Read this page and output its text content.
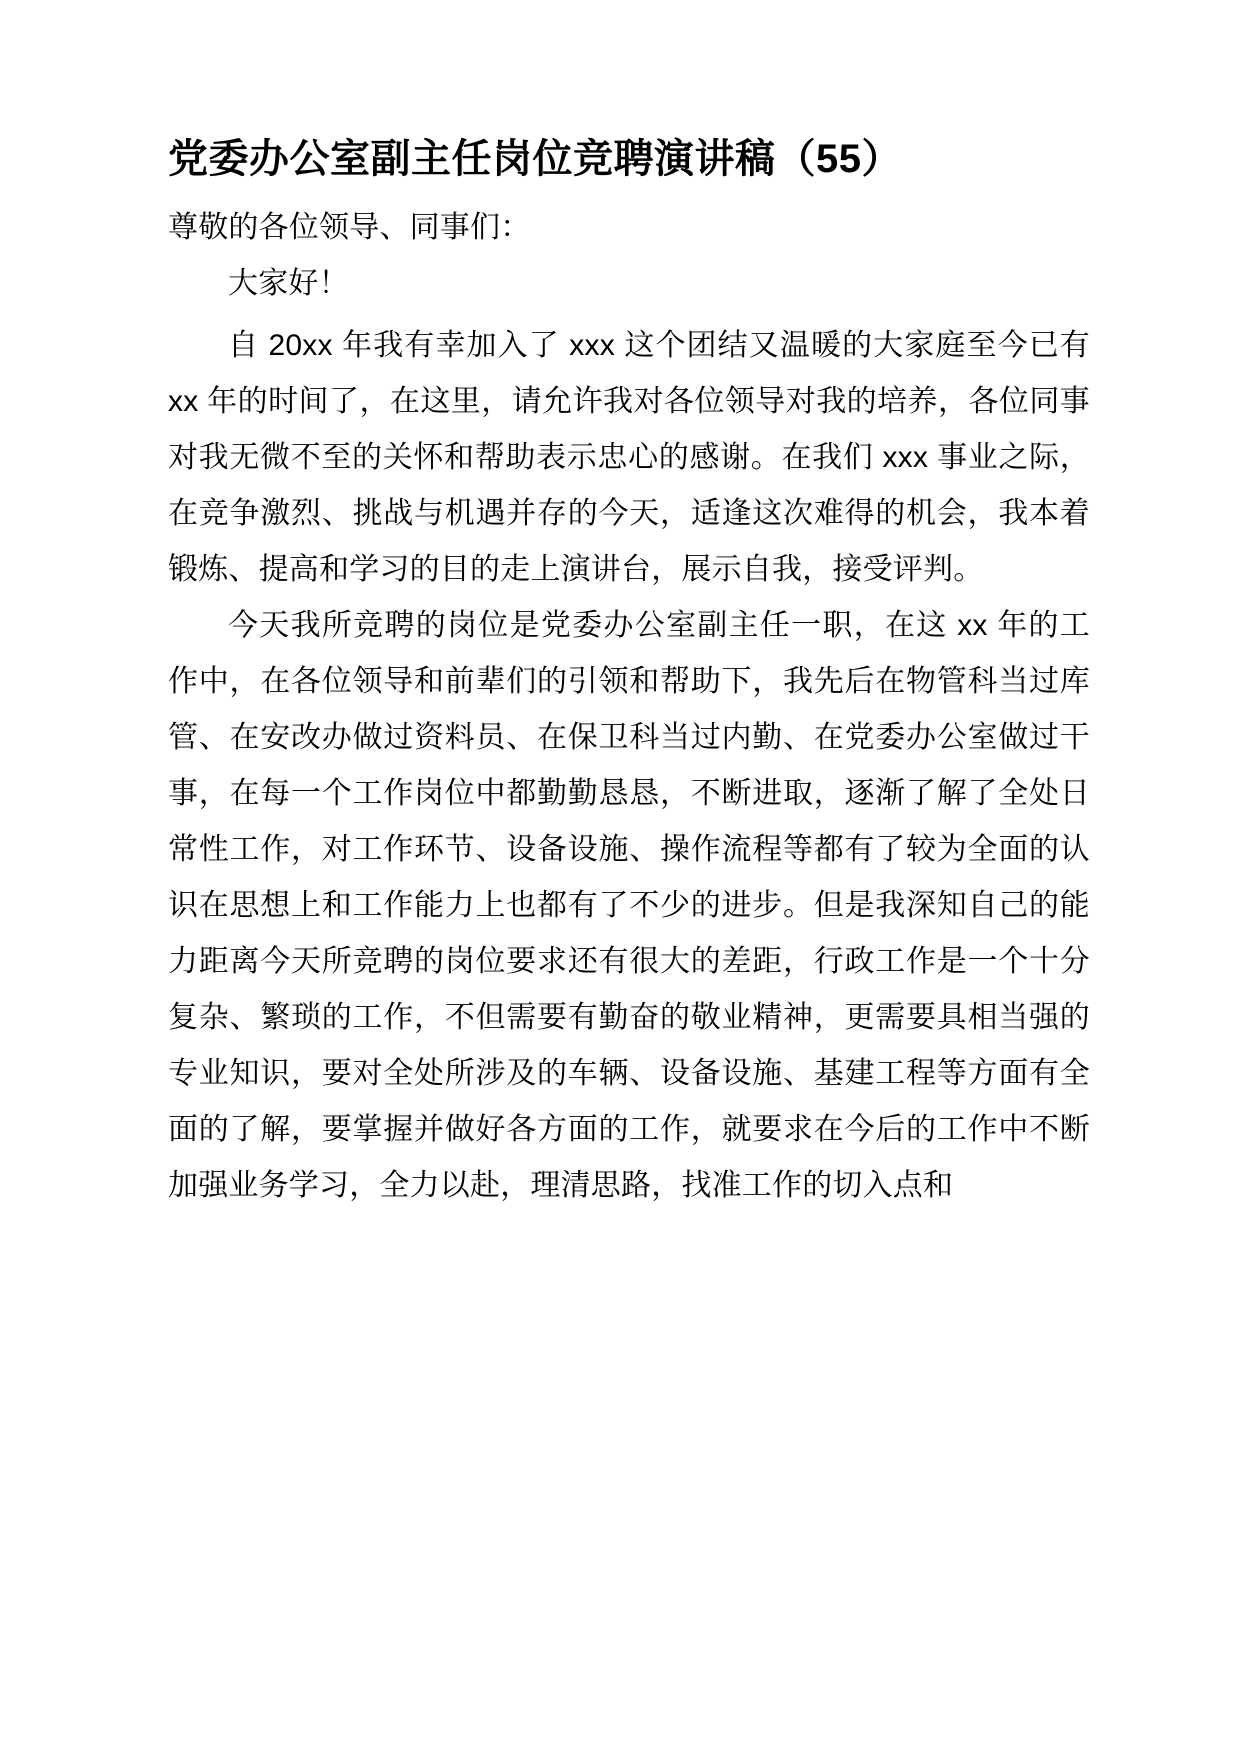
党委办公室副主任岗位竞聘演讲稿（55）

尊敬的各位领导、同事们：

大家好！

自 20xx 年我有幸加入了 xxx 这个团结又温暖的大家庭至今已有 xx 年的时间了，在这里，请允许我对各位领导对我的培养，各位同事对我无微不至的关怀和帮助表示忠心的感谢。在我们 xxx 事业之际，在竞争激烈、挑战与机遇并存的今天，适逢这次难得的机会，我本着锻炼、提高和学习的目的走上演讲台，展示自我，接受评判。

今天我所竞聘的岗位是党委办公室副主任一职，在这 xx 年的工作中，在各位领导和前辈们的引领和帮助下，我先后在物管科当过库管、在安改办做过资料员、在保卫科当过内勤、在党委办公室做过干事，在每一个工作岗位中都勤勤恳恳，不断进取，逐渐了解了全处日常性工作，对工作环节、设备设施、操作流程等都有了较为全面的认识在思想上和工作能力上也都有了不少的进步。但是我深知自己的能力距离今天所竞聘的岗位要求还有很大的差距，行政工作是一个十分复杂、繁琐的工作，不但需要有勤奋的敬业精神，更需要具相当强的专业知识，要对全处所涉及的车辆、设备设施、基建工程等方面有全面的了解，要掌握并做好各方面的工作，就要求在今后的工作中不断加强业务学习，全力以赴，理清思路，找准工作的切入点和
